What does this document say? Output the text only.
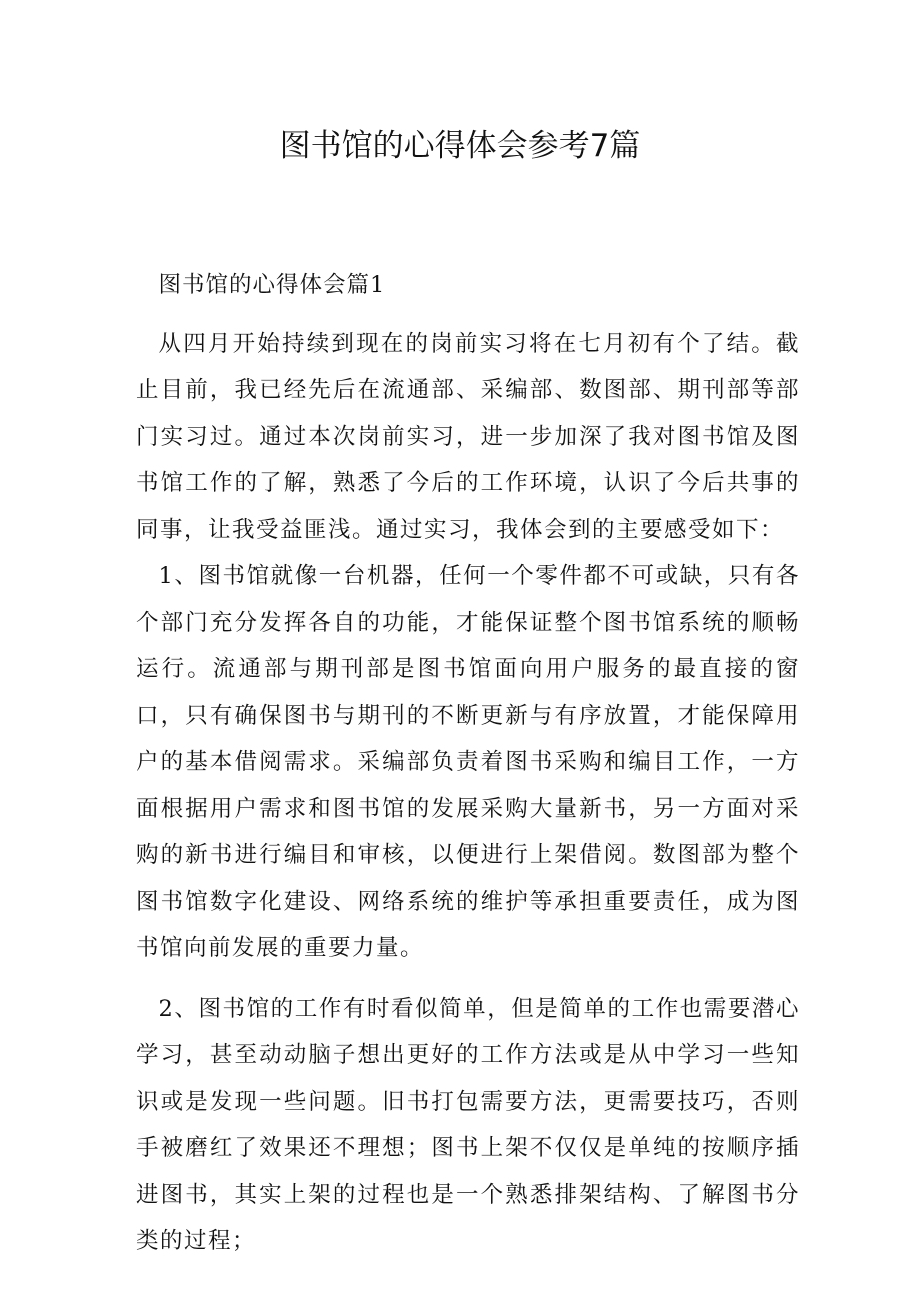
图书馆的心得体会参考7篇
图书馆的心得体会篇1

从四月开始持续到现在的岗前实习将在七月初有个了结。截止目前，我已经先后在流通部、采编部、数图部、期刊部等部门实习过。通过本次岗前实习，进一步加深了我对图书馆及图书馆工作的了解，熟悉了今后的工作环境，认识了今后共事的同事，让我受益匪浅。通过实习，我体会到的主要感受如下：

1、图书馆就像一台机器，任何一个零件都不可或缺，只有各个部门充分发挥各自的功能，才能保证整个图书馆系统的顺畅运行。流通部与期刊部是图书馆面向用户服务的最直接的窗口，只有确保图书与期刊的不断更新与有序放置，才能保障用户的基本借阅需求。采编部负责着图书采购和编目工作，一方面根据用户需求和图书馆的发展采购大量新书，另一方面对采购的新书进行编目和审核，以便进行上架借阅。数图部为整个图书馆数字化建设、网络系统的维护等承担重要责任，成为图书馆向前发展的重要力量。

2、图书馆的工作有时看似简单，但是简单的工作也需要潜心学习，甚至动动脑子想出更好的工作方法或是从中学习一些知识或是发现一些问题。旧书打包需要方法，更需要技巧，否则手被磨红了效果还不理想；图书上架不仅仅是单纯的按顺序插进图书，其实上架的过程也是一个熟悉排架结构、了解图书分类的过程；
